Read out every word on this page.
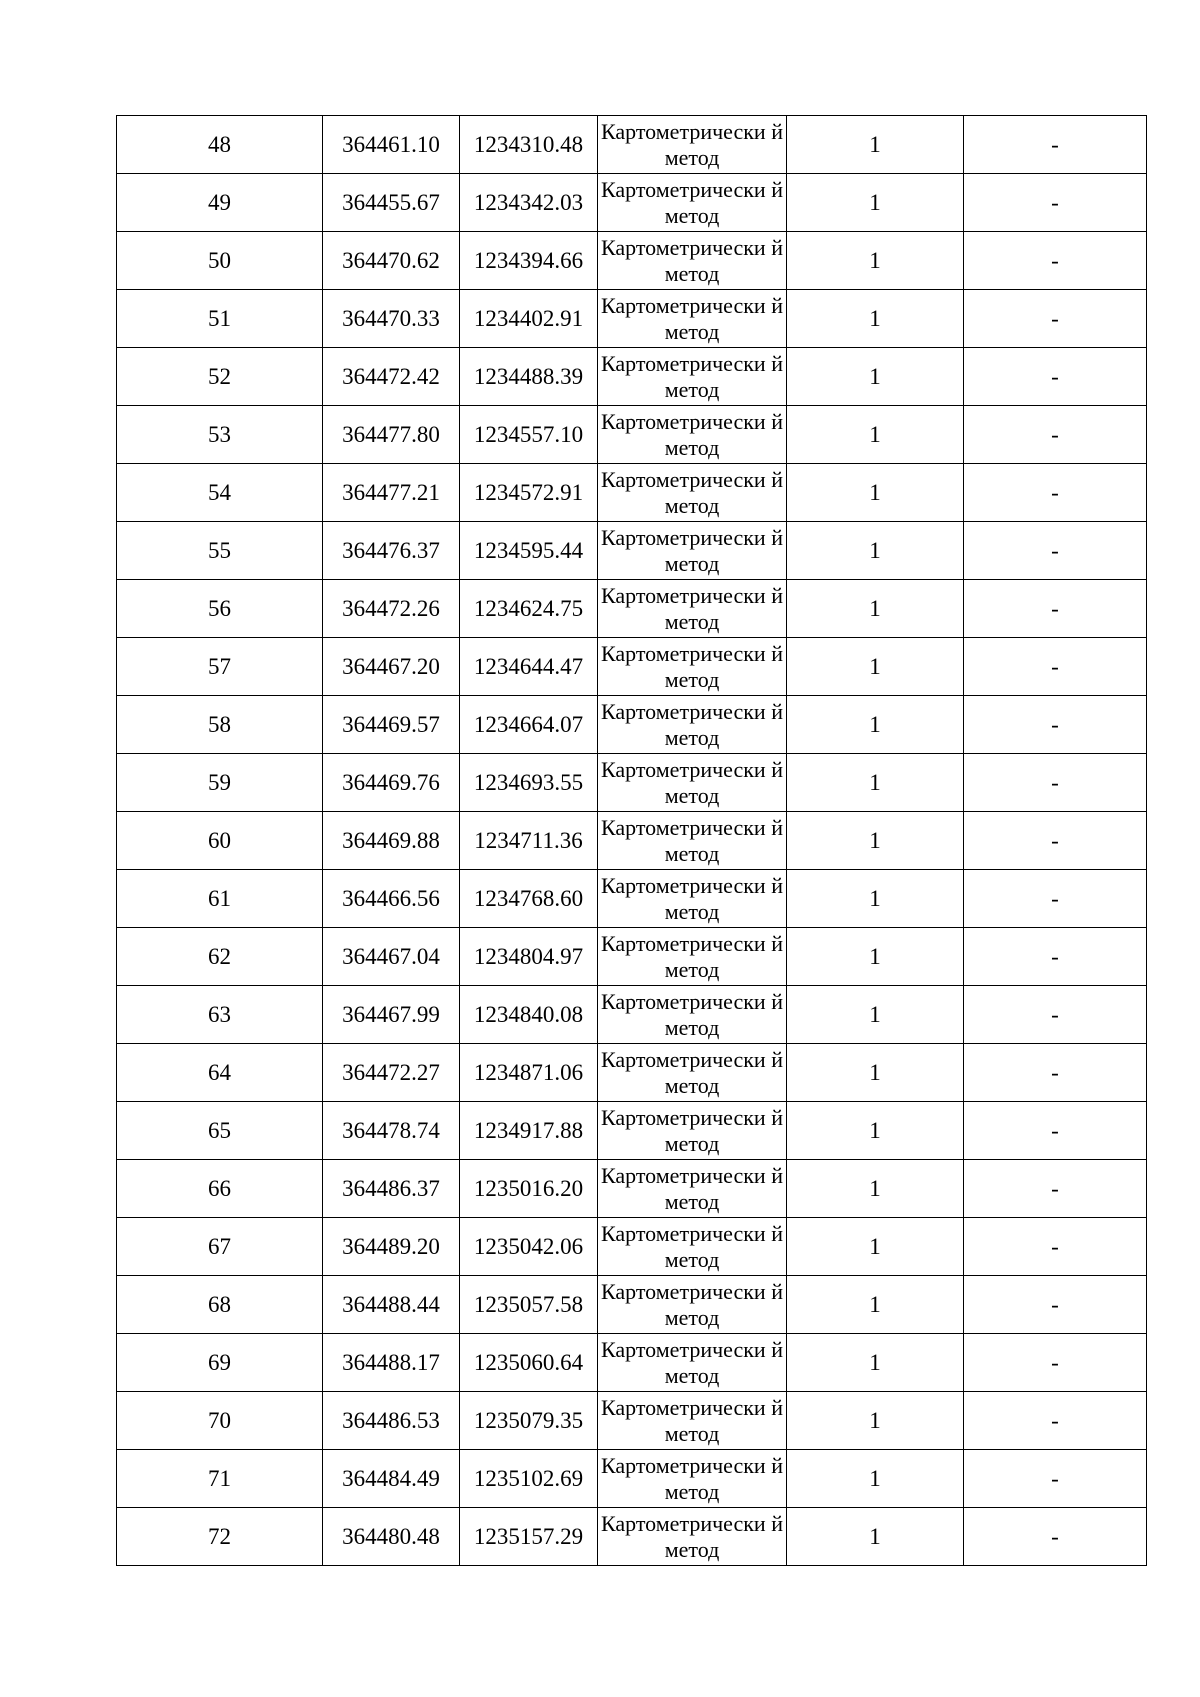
48	364461.10	1234310.48	Картометрически й метод	1	-
49	364455.67	1234342.03	Картометрически й метод	1	-
50	364470.62	1234394.66	Картометрически й метод	1	-
51	364470.33	1234402.91	Картометрически й метод	1	-
52	364472.42	1234488.39	Картометрически й метод	1	-
53	364477.80	1234557.10	Картометрически й метод	1	-
54	364477.21	1234572.91	Картометрически й метод	1	-
55	364476.37	1234595.44	Картометрически й метод	1	-
56	364472.26	1234624.75	Картометрически й метод	1	-
57	364467.20	1234644.47	Картометрически й метод	1	-
58	364469.57	1234664.07	Картометрически й метод	1	-
59	364469.76	1234693.55	Картометрически й метод	1	-
60	364469.88	1234711.36	Картометрически й метод	1	-
61	364466.56	1234768.60	Картометрически й метод	1	-
62	364467.04	1234804.97	Картометрически й метод	1	-
63	364467.99	1234840.08	Картометрически й метод	1	-
64	364472.27	1234871.06	Картометрически й метод	1	-
65	364478.74	1234917.88	Картометрически й метод	1	-
66	364486.37	1235016.20	Картометрически й метод	1	-
67	364489.20	1235042.06	Картометрически й метод	1	-
68	364488.44	1235057.58	Картометрически й метод	1	-
69	364488.17	1235060.64	Картометрически й метод	1	-
70	364486.53	1235079.35	Картометрически й метод	1	-
71	364484.49	1235102.69	Картометрически й метод	1	-
72	364480.48	1235157.29	Картометрически й метод	1	-
